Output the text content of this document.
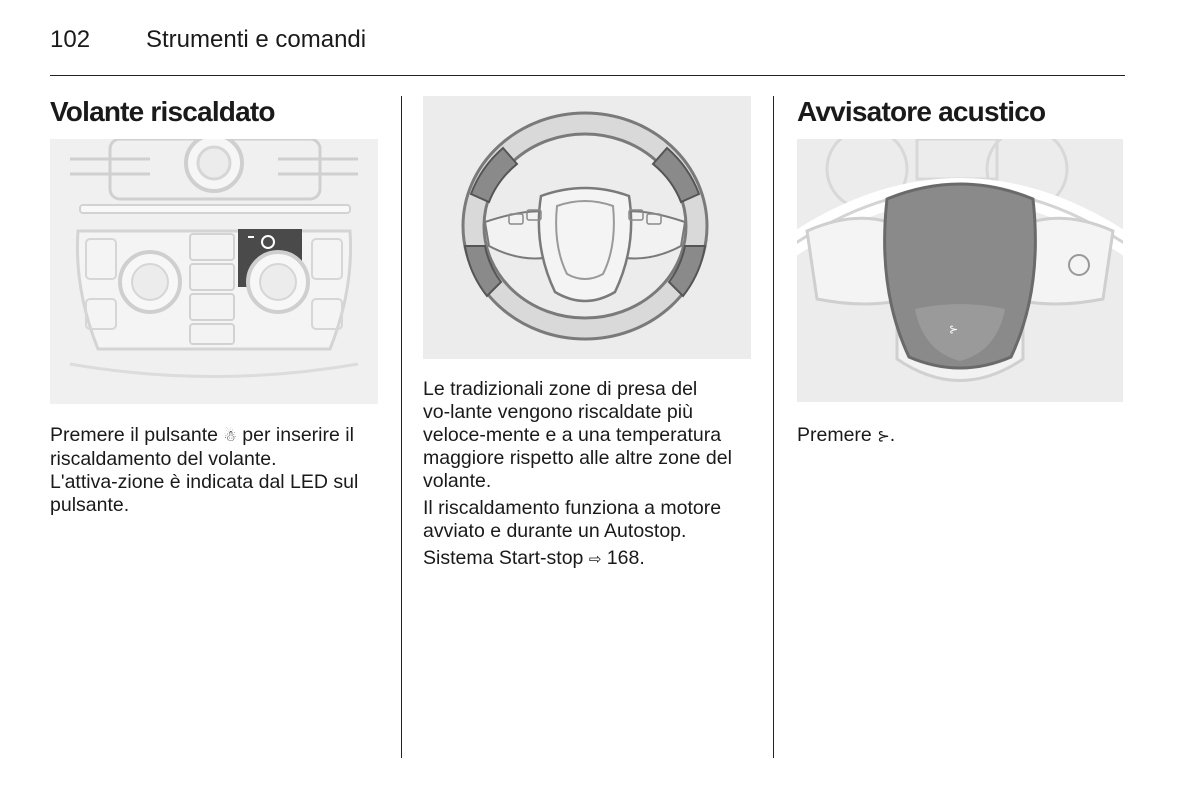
102 Strumenti e comandi
Volante riscaldato

Premere il pulsante ☃ per inserire il riscaldamento del volante. L'attiva‑zione è indicata dal LED sul pulsante.

Le tradizionali zone di presa del vo‑lante vengono riscaldate più veloce‑mente e a una temperatura maggiore rispetto alle altre zone del volante.

Il riscaldamento funziona a motore avviato e durante un Autostop.

Sistema Start-stop ⇨ 168.

Avvisatore acustico
⊱

Premere ⊱.
